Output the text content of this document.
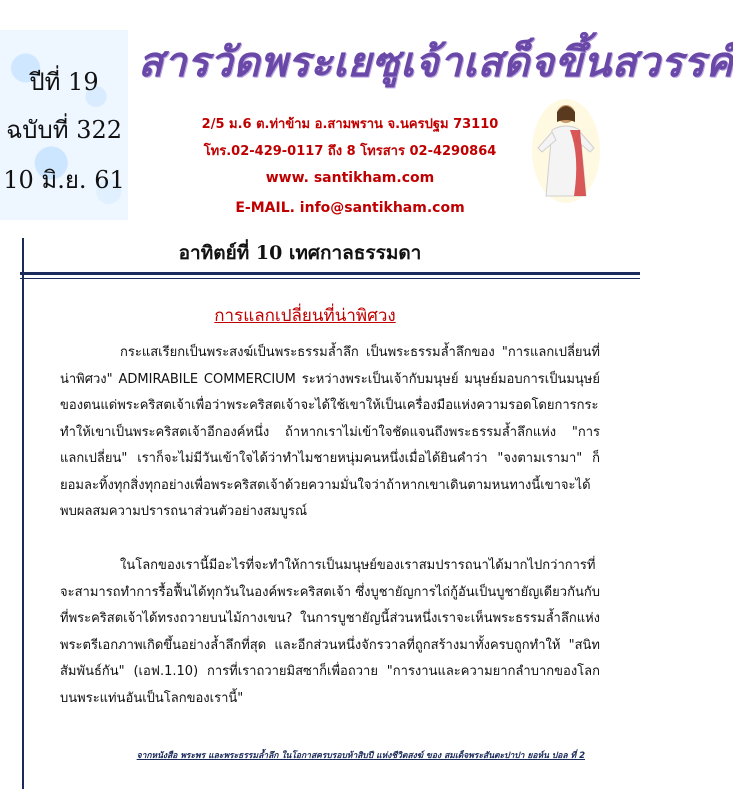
ปีที่ 19
ฉบับที่ 322
10 มิ.ย. 61
สารวัดพระเยซูเจ้าเสด็จขึ้นสวรรค์
2/5 ม.6 ต.ท่าข้าม อ.สามพราน จ.นครปฐม 73110
โทร.02-429-0117 ถึง 8 โทรสาร 02-4290864
www. santikham.com
E-MAIL. info@santikham.com
อาทิตย์ที่ 10 เทศกาลธรรมดา
การแลกเปลี่ยนที่น่าพิศวง
กระแสเรียกเป็นพระสงฆ์เป็นพระธรรมล้ำลึก เป็นพระธรรมล้ำลึกของ "การแลกเปลี่ยนที่น่าพิศวง" ADMIRABILE COMMERCIUM ระหว่างพระเป็นเจ้ากับมนุษย์ มนุษย์มอบการเป็นมนุษย์ของตนแด่พระคริสตเจ้าเพื่อว่าพระคริสตเจ้าจะได้ใช้เขาให้เป็นเครื่องมือแห่งความรอดโดยการกระทำให้เขาเป็นพระคริสตเจ้าอีกองค์หนึ่ง ถ้าหากเราไม่เข้าใจชัดแจนถึงพระธรรมล้ำลึกแห่ง "การแลกเปลี่ยน" เราก็จะไม่มีวันเข้าใจได้ว่าทำไมชายหนุ่มคนหนึ่งเมื่อได้ยินคำว่า "จงตามเรามา" ก็ยอมละทิ้งทุกสิ่งทุกอย่างเพื่อพระคริสตเจ้าด้วยความมั่นใจว่าถ้าหากเขาเดินตามหนทางนี้เขาจะได้พบผลสมความปรารถนาส่วนตัวอย่างสมบูรณ์
ในโลกของเรานี้มีอะไรที่จะทำให้การเป็นมนุษย์ของเราสมปรารถนาได้มากไปกว่าการที่จะสามารถทำการรื้อฟื้นได้ทุกวันในองค์พระคริสตเจ้า ซึ่งบูชายัญการไถ่กู้อันเป็นบูชายัญเดียวกันกับที่พระคริสตเจ้าได้ทรงถวายบนไม้กางเขน? ในการบูชายัญนี้ส่วนหนึ่งเราจะเห็นพระธรรมล้ำลึกแห่งพระตรีเอกภาพเกิดขึ้นอย่างล้ำลึกที่สุด และอีกส่วนหนึ่งจักรวาลที่ถูกสร้างมาทั้งครบถูกทำให้ "สนิทสัมพันธ์กัน" (เอฟ.1.10) การที่เราถวายมิสซาก็เพื่อถวาย "การงานและความยากลำบากของโลกบนพระแท่นอันเป็นโลกของเรานี้"
จากหนังสือ พระพร และพระธรรมล้ำลึก ในโอกาสครบรอบห้าสิบปี แห่งชีวิตสงฆ์ ของ สมเด็จพระสันตะปาปา ยอห์น ปอล ที่ 2
